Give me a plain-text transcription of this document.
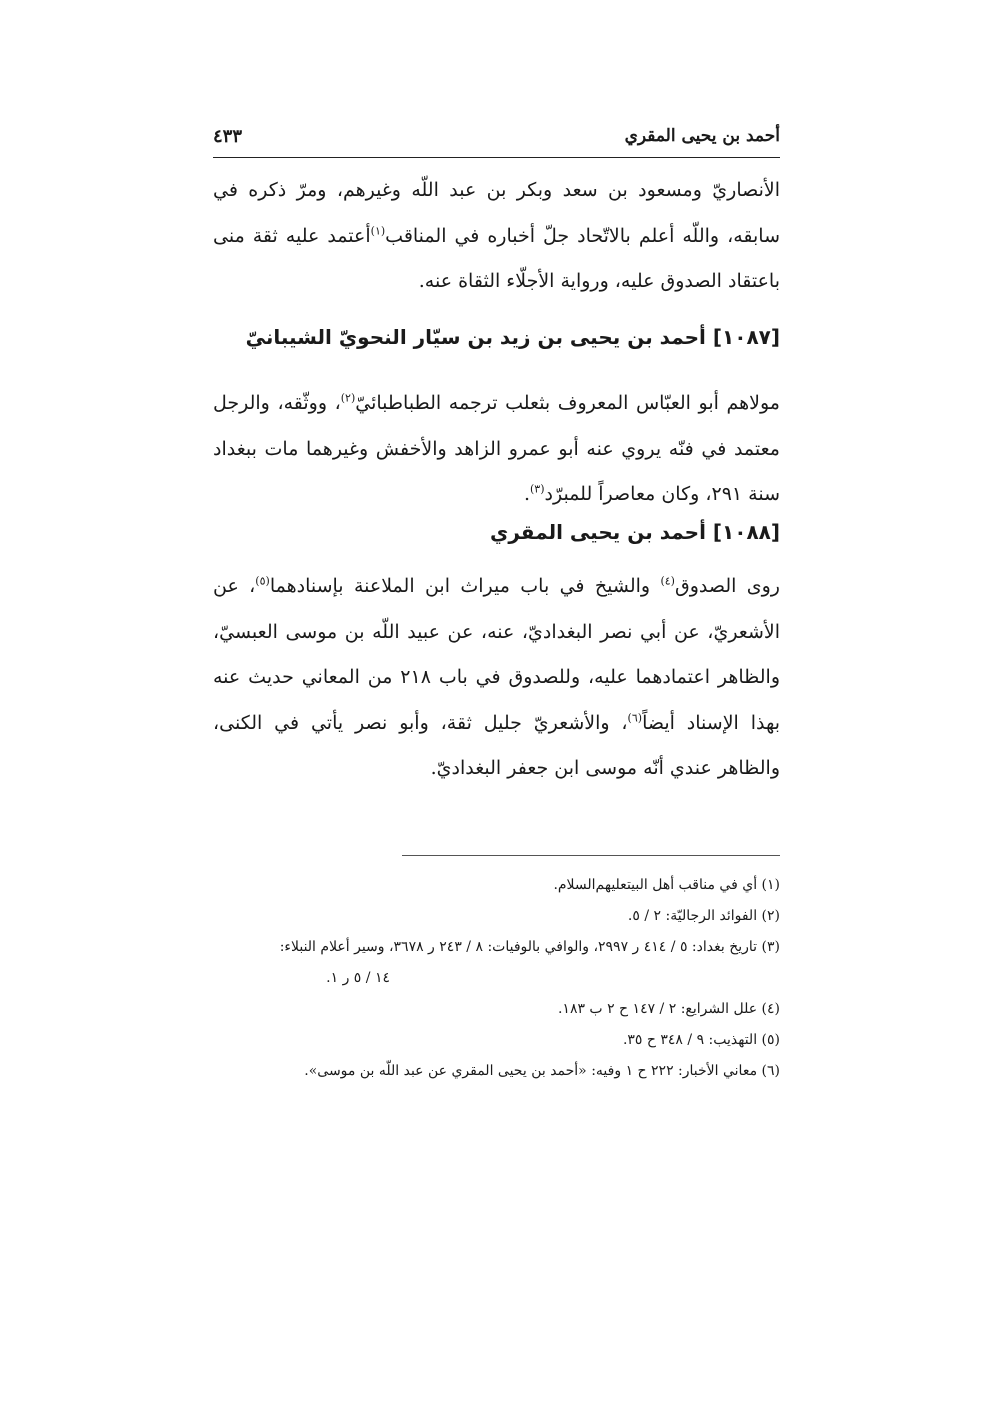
أحمد بن يحيى المقري
٤٣٣

الأنصاريّ ومسعود بن سعد وبكر بن عبد اللّه وغيرهم، ومرّ ذكره في سابقه، واللّه أعلم بالاتّحاد جلّ أخباره في المناقب$^{(١)}$أعتمد عليه ثقة منى باعتقاد الصدوق عليه، ورواية الأجلّاء الثقاة عنه.

[١٠٨٧] أحمد بن يحيى بن زيد بن سيّار النحويّ الشيبانيّ

مولاهم أبو العبّاس المعروف بثعلب ترجمه الطباطبائيّ$^{(٢)}$، ووثّقه، والرجل معتمد في فنّه يروي عنه أبو عمرو الزاهد والأخفش وغيرهما مات ببغداد سنة ٢٩١، وكان معاصراً للمبرّد$^{(٣)}$.

[١٠٨٨] أحمد بن يحيى المقري

روى الصدوق$^{(٤)}$ والشيخ في باب ميراث ابن الملاعنة بإسنادهما$^{(٥)}$، عن الأشعريّ، عن أبي نصر البغداديّ، عنه، عن عبيد اللّه بن موسى العبسيّ، والظاهر اعتمادهما عليه، وللصدوق في باب ٢١٨ من المعاني حديث عنه بهذا الإسناد أيضاً$^{(٦)}$، والأشعريّ جليل ثقة، وأبو نصر يأتي في الكنى، والظاهر عندي أنّه موسى ابن جعفر البغداديّ.

(١) أي في مناقب أهل البيتعليهم‌السلام.
(٢) الفوائد الرجاليّة: ٢ / ٥.
(٣) تاريخ بغداد: ٥ / ٤١٤ ر ٢٩٩٧، والوافي بالوفيات: ٨ / ٢٤٣ ر ٣٦٧٨، وسير أعلام النبلاء:
١٤ / ٥ ر ١.
(٤) علل الشرايع: ٢ / ١٤٧ ح ٢ ب ١٨٣.
(٥) التهذيب: ٩ / ٣٤٨ ح ٣٥.
(٦) معاني الأخبار: ٢٢٢ ح ١ وفيه: «أحمد بن يحيى المقري عن عبد اللّه بن موسى».
